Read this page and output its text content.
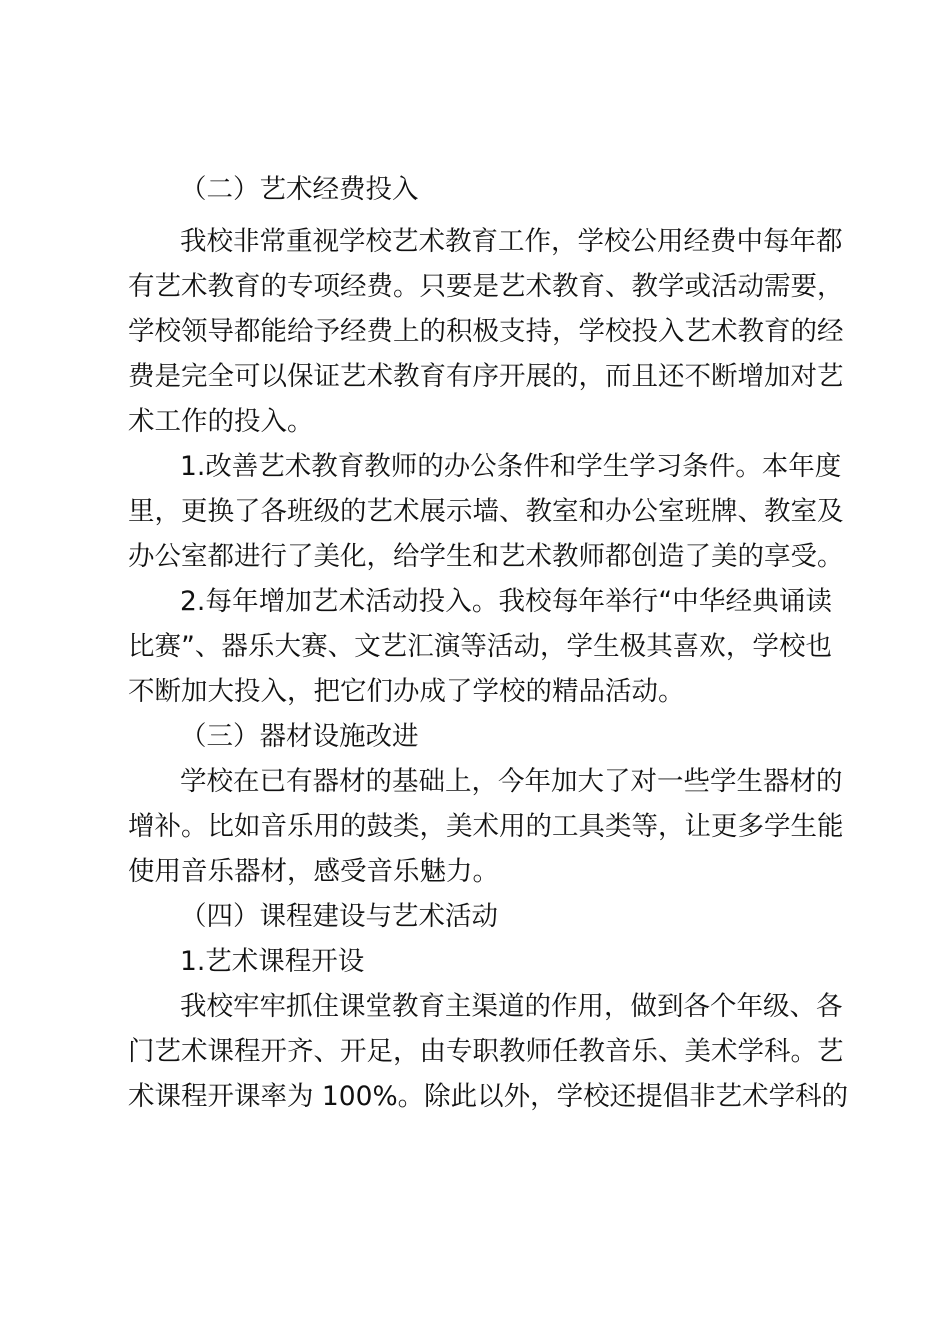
（二）艺术经费投入
我校非常重视学校艺术教育工作，学校公用经费中每年都
有艺术教育的专项经费。只要是艺术教育、教学或活动需要，
学校领导都能给予经费上的积极支持，学校投入艺术教育的经
费是完全可以保证艺术教育有序开展的，而且还不断增加对艺
术工作的投入。
1.改善艺术教育教师的办公条件和学生学习条件。本年度
里，更换了各班级的艺术展示墙、教室和办公室班牌、教室及
办公室都进行了美化，给学生和艺术教师都创造了美的享受。
2.每年增加艺术活动投入。我校每年举行“中华经典诵读
比赛”、器乐大赛、文艺汇演等活动，学生极其喜欢，学校也
不断加大投入，把它们办成了学校的精品活动。
（三）器材设施改进
学校在已有器材的基础上，今年加大了对一些学生器材的
增补。比如音乐用的鼓类，美术用的工具类等，让更多学生能
使用音乐器材，感受音乐魅力。
（四）课程建设与艺术活动
1.艺术课程开设
我校牢牢抓住课堂教育主渠道的作用，做到各个年级、各
门艺术课程开齐、开足，由专职教师任教音乐、美术学科。艺
术课程开课率为 100%。除此以外，学校还提倡非艺术学科的
